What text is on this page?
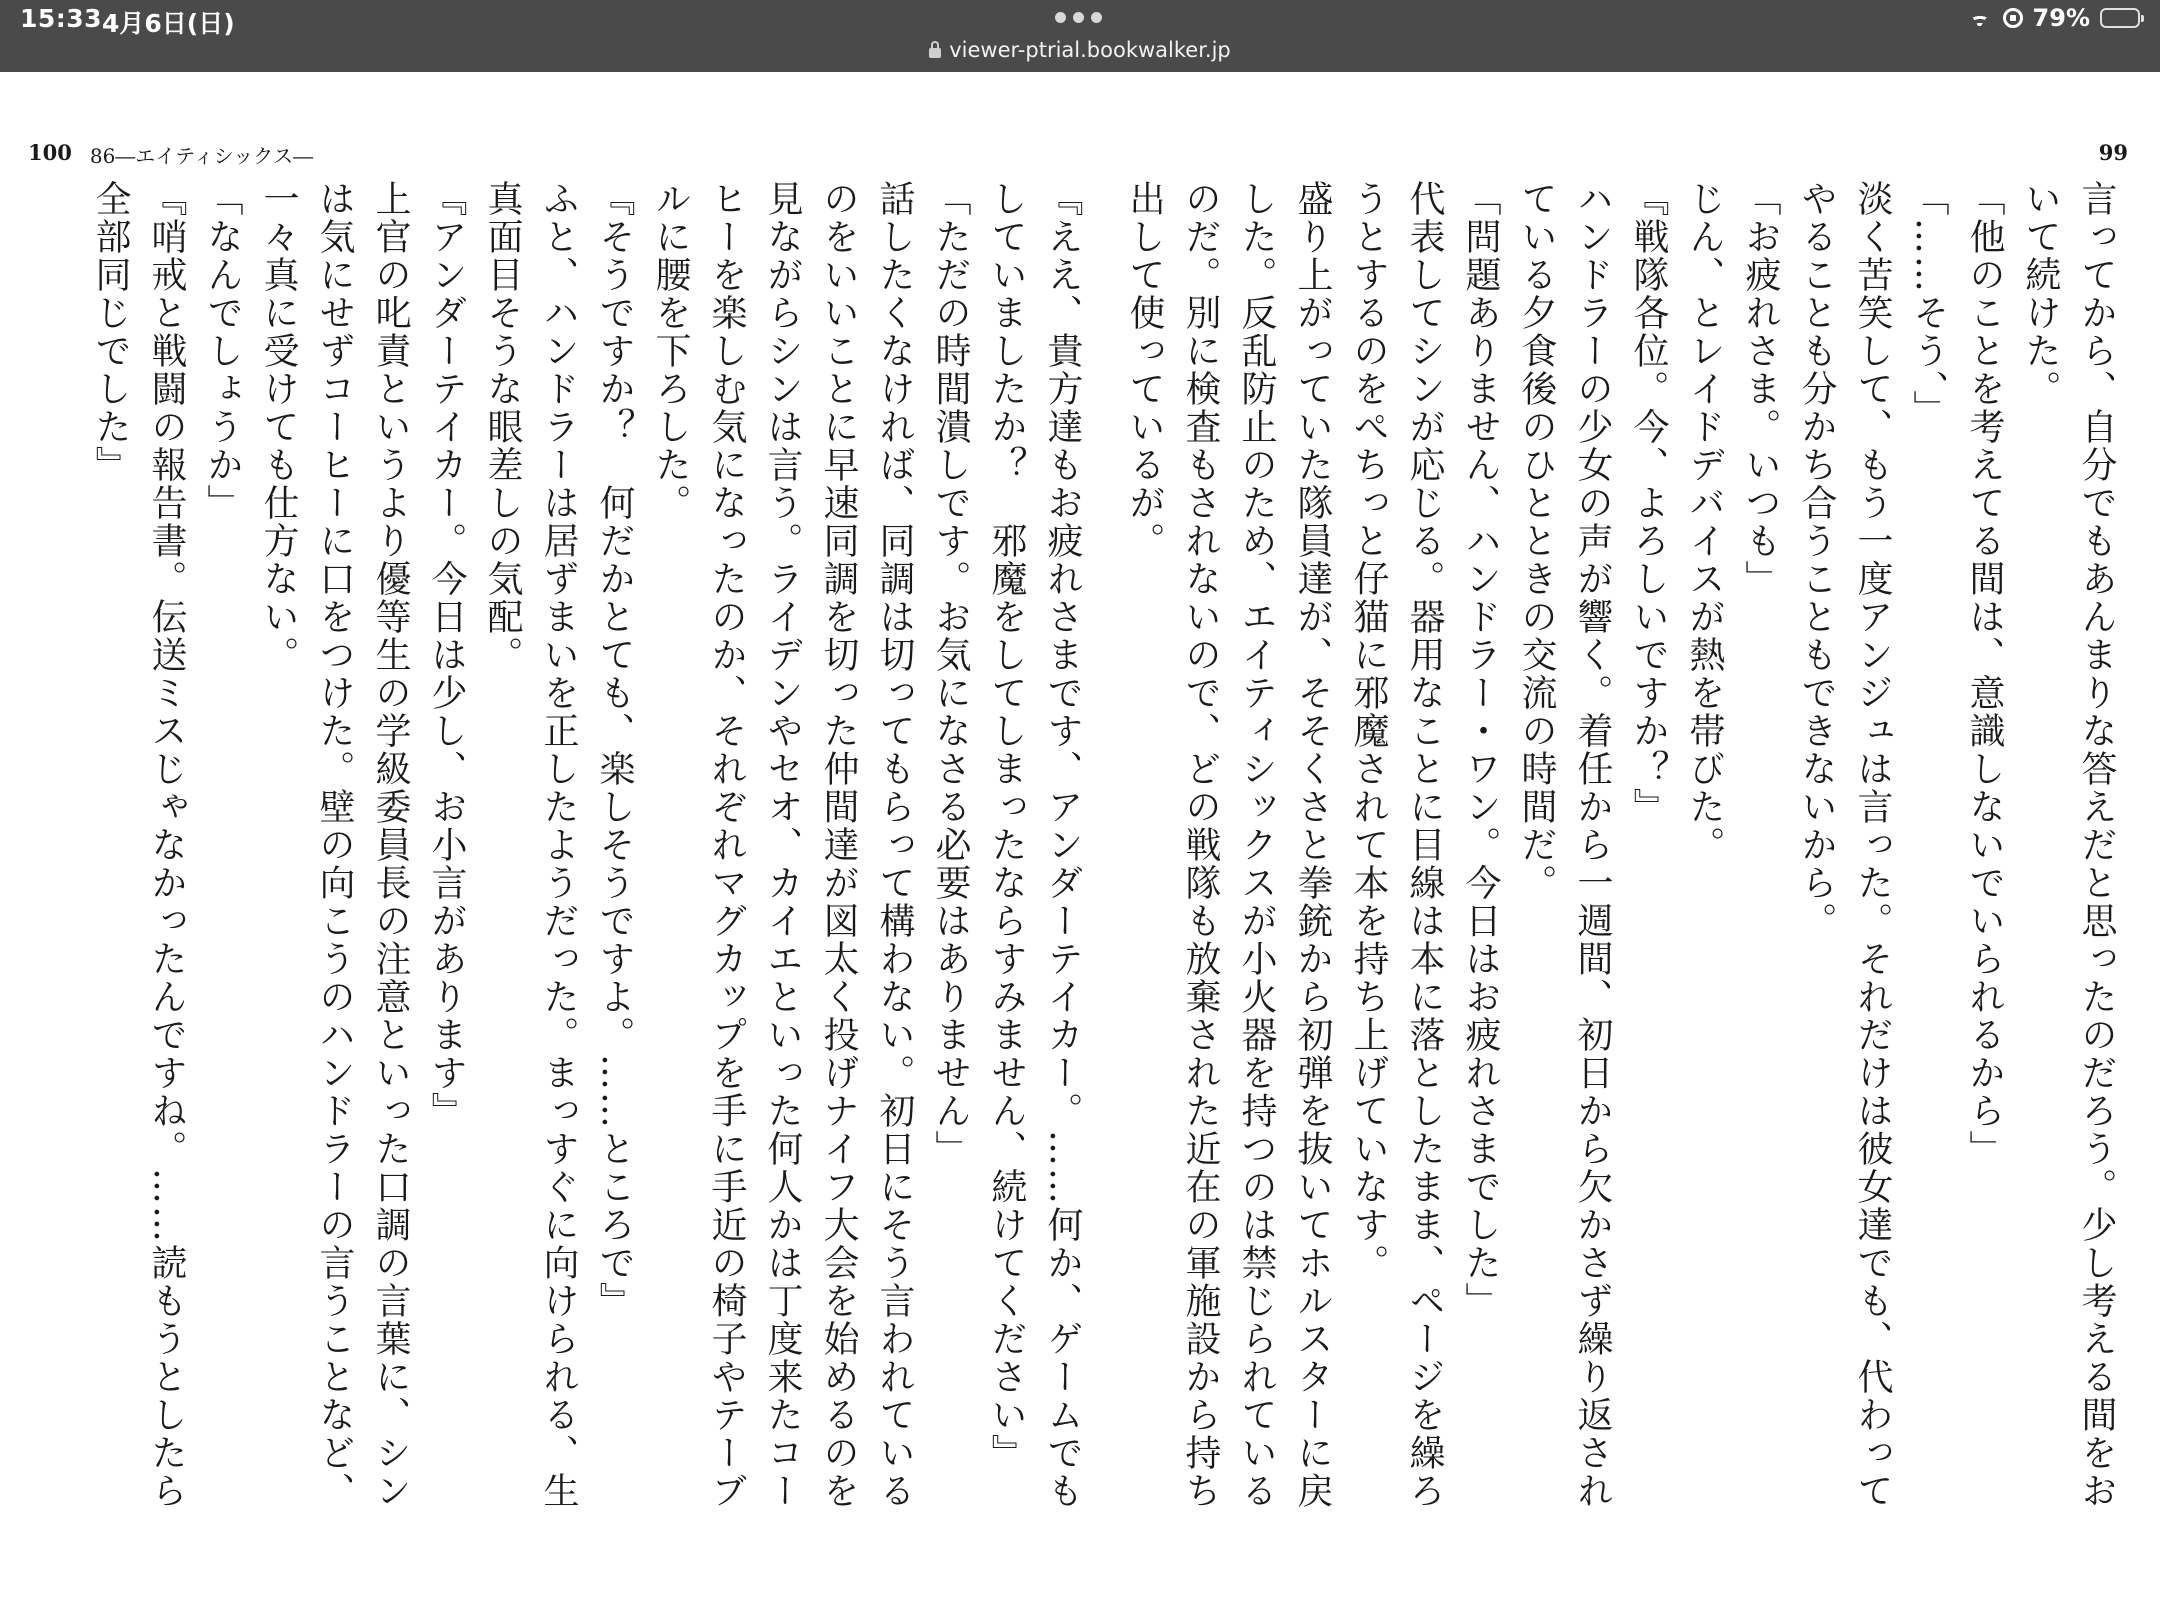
15:33 4月6日(日)
viewer-ptrial.bookwalker.jp
79%
100 86―エイティシックス―	99

言ってから、自分でもあんまりな答えだと思ったのだろう。少し考える間をおいて続けた。

「他のことを考えてる間は、意識しないでいられるから」

「……そう、」

淡く苦笑して、もう一度アンジュは言った。それだけは彼女達でも、代わってやることも分かち合うこともできないから。

「お疲れさま。いつも」

じん、とレイドデバイスが熱を帯びた。

『戦隊各位。今、よろしいですか？』

ハンドラーの少女の声が響く。着任から一週間、初日から欠かさず繰り返されている夕食後のひとときの交流の時間だ。

「問題ありません、ハンドラー・ワン。今日はお疲れさまでした」

代表してシンが応じる。器用なことに目線は本に落としたまま、ページを繰ろうとするのをぺちっと仔猫に邪魔されて本を持ち上げていなす。

盛り上がっていた隊員達が、そそくさと拳銃から初弾を抜いてホルスターに戻した。反乱防止のため、エイティシックスが小火器を持つのは禁じられているのだ。別に検査もされないので、どの戦隊も放棄された近在の軍施設から持ち出して使っているが。

『ええ、貴方達もお疲れさまです、アンダーテイカー。……何か、ゲームでもしていましたか？　邪魔をしてしまったならすみません、続けてください』

「ただの時間潰しです。お気になさる必要はありません」

話したくなければ、同調は切ってもらって構わない。初日にそう言われているのをいいことに早速同調を切った仲間達が図太く投げナイフ大会を始めるのを見ながらシンは言う。ライデンやセオ、カイエといった何人かは丁度来たコーヒーを楽しむ気になったのか、それぞれマグカップを手に手近の椅子やテーブルに腰を下ろした。

『そうですか？　何だかとても、楽しそうですよ。……ところで』

ふと、ハンドラーは居ずまいを正したようだった。まっすぐに向けられる、生真面目そうな眼差しの気配。

『アンダーテイカー。今日は少し、お小言があります』

上官の叱責というより優等生の学級委員長の注意といった口調の言葉に、シンは気にせずコーヒーに口をつけた。壁の向こうのハンドラーの言うことなど、一々真に受けても仕方ない。

「なんでしょうか」

『哨戒と戦闘の報告書。伝送ミスじゃなかったんですね。……読もうとしたら全部同じでした』
